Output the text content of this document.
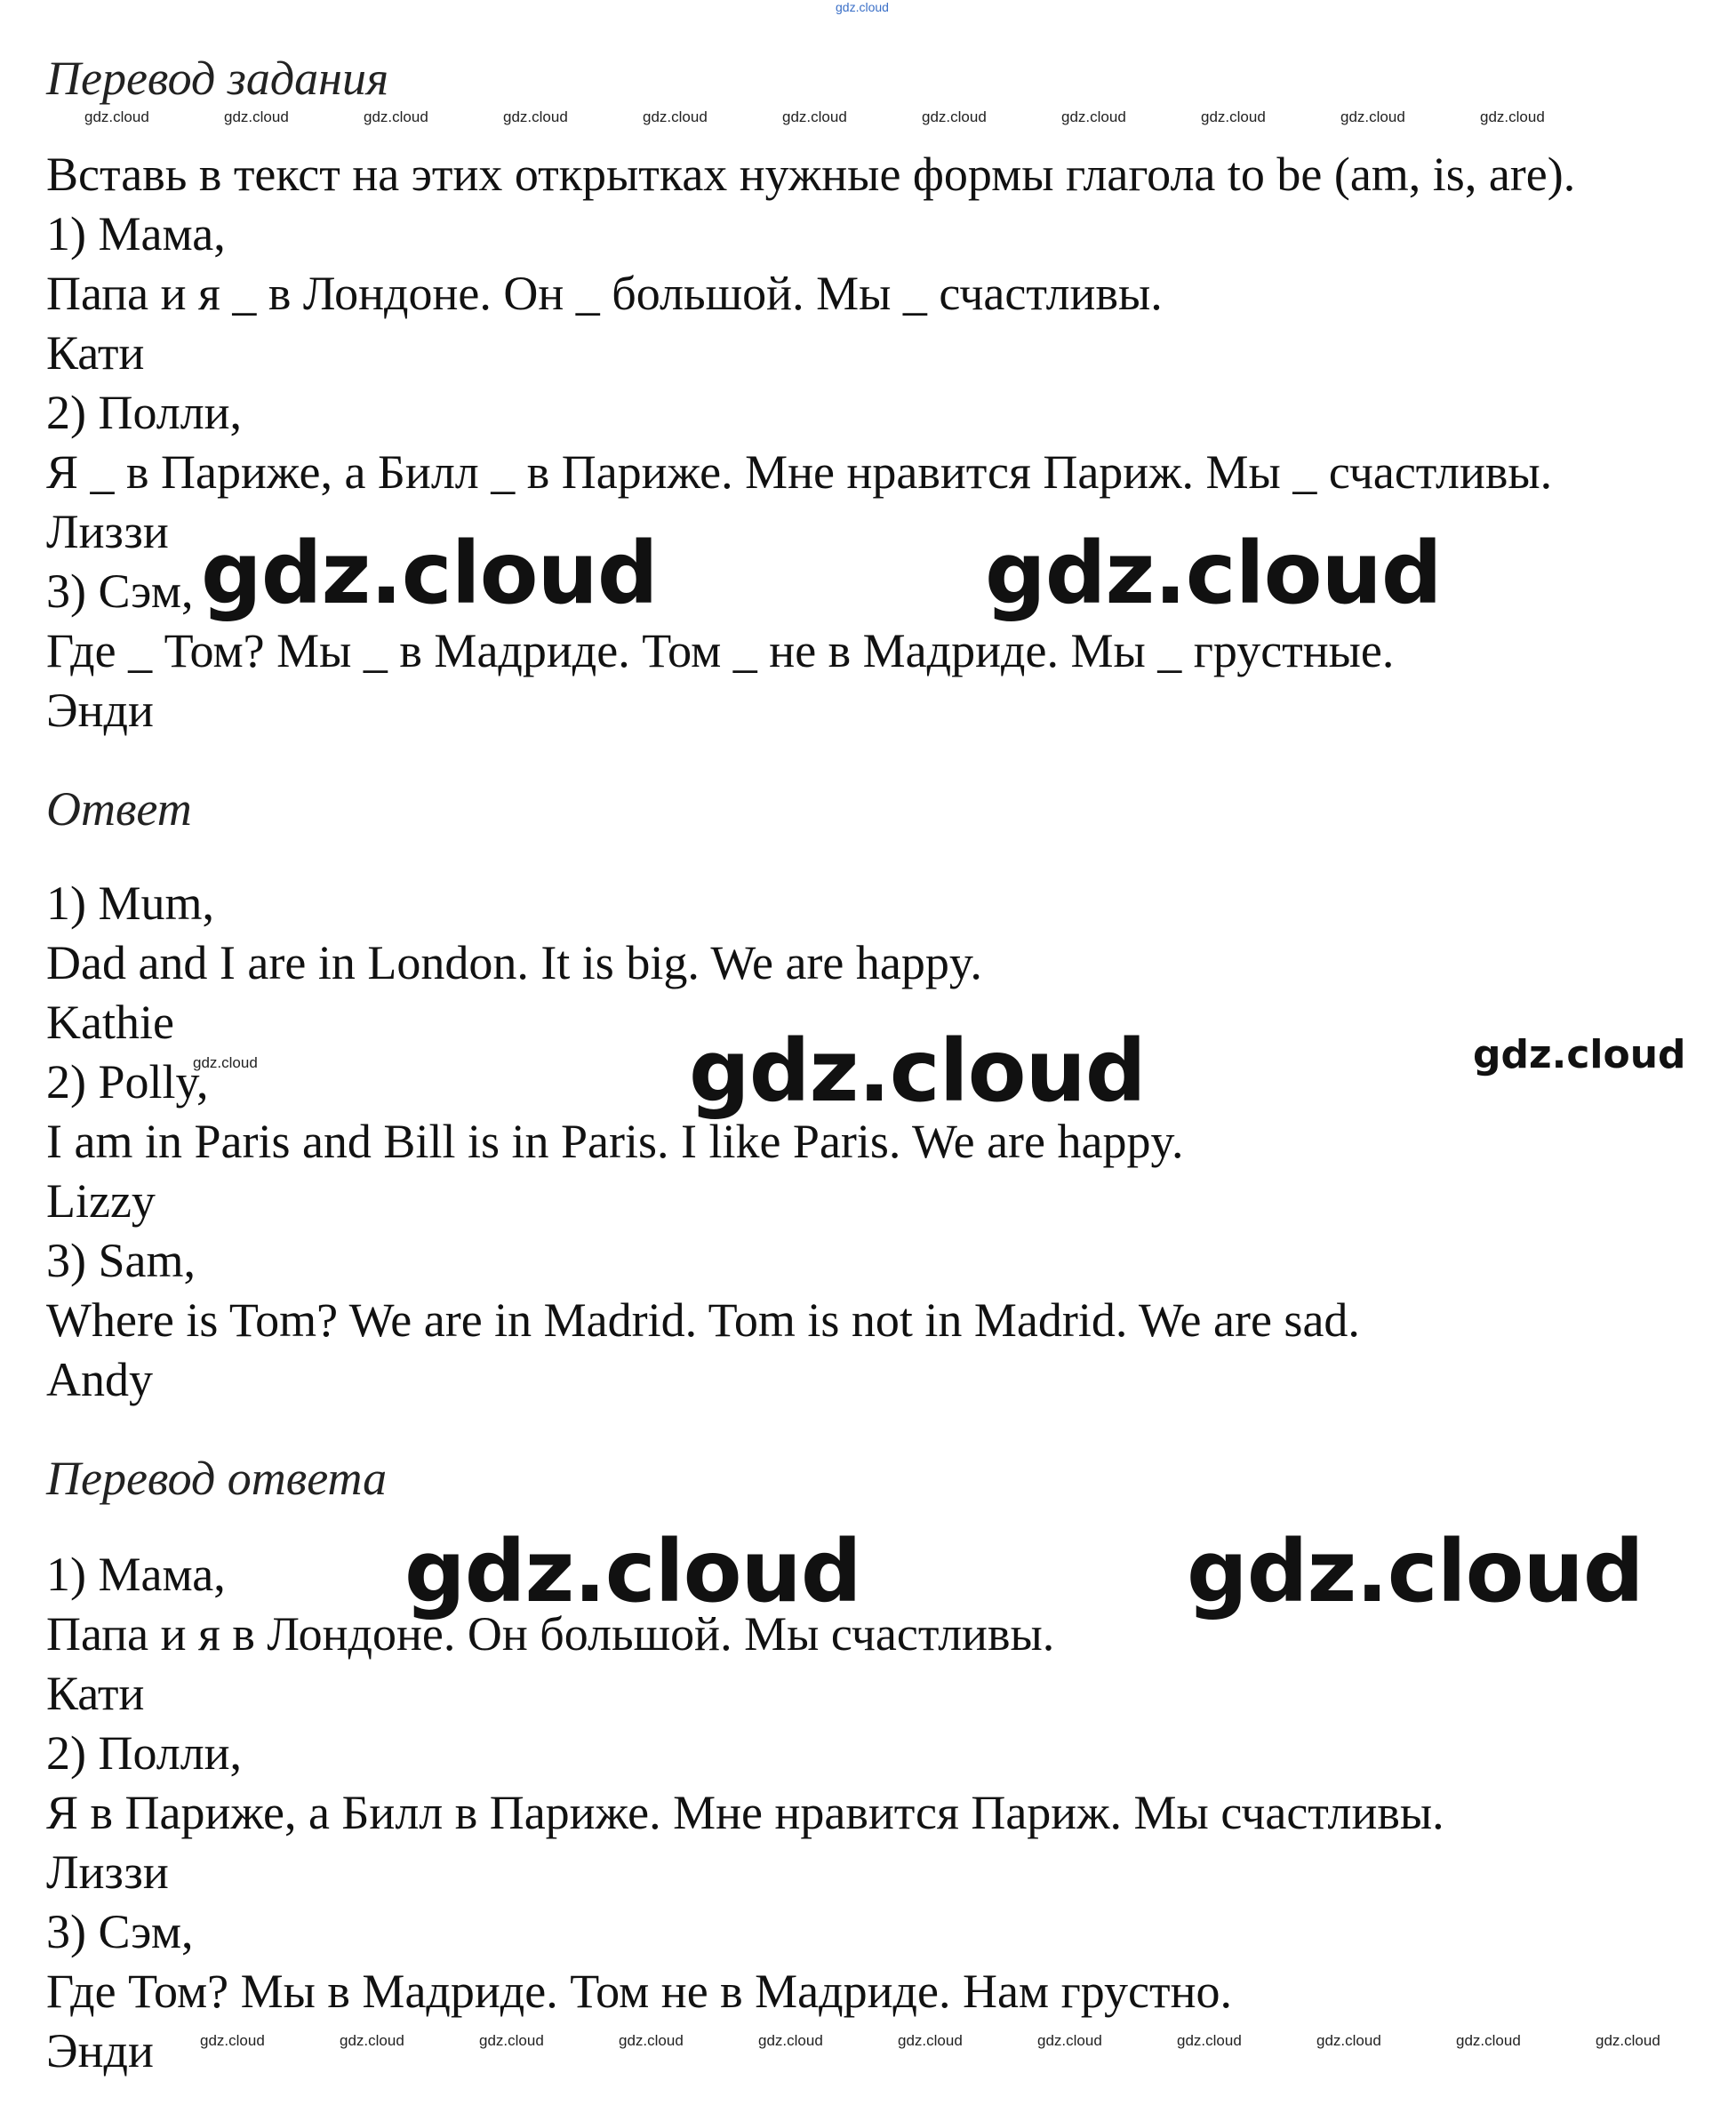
gdz.cloud
Перевод задания
Вставь в текст на этих открытках нужные формы глагола to be (am, is, are).
1) Мама,
Папа и я _ в Лондоне. Он _ большой. Мы _ счастливы.
Кати
2) Полли,
Я _ в Париже, а Билл _ в Париже. Мне нравится Париж. Мы _ счастливы.
Лиззи
3) Сэм,
Где _ Том? Мы _ в Мадриде. Том _ не в Мадриде. Мы _ грустные.
Энди
Ответ
1) Mum,
Dad and I are in London. It is big. We are happy.
Kathie
2) Polly,
I am in Paris and Bill is in Paris. I like Paris. We are happy.
Lizzy
3) Sam,
Where is Tom? We are in Madrid. Tom is not in Madrid. We are sad.
Andy
Перевод ответа
1) Мама,
Папа и я в Лондоне. Он большой. Мы счастливы.
Кати
2) Полли,
Я в Париже, а Билл в Париже. Мне нравится Париж. Мы счастливы.
Лиззи
3) Сэм,
Где Том? Мы в Мадриде. Том не в Мадриде. Нам грустно.
Энди
gdz.cloud	gdz.cloud	gdz.cloud	gdz.cloud	gdz.cloud	gdz.cloud	gdz.cloud	gdz.cloud	gdz.cloud	gdz.cloud	gdz.cloud
gdz.cloud	gdz.cloud
gdz.cloud
gdz.cloud	gdz.cloud
gdz.cloud
gdz.cloud
gdz.cloud	gdz.cloud	gdz.cloud	gdz.cloud	gdz.cloud	gdz.cloud	gdz.cloud	gdz.cloud	gdz.cloud	gdz.cloud	gdz.cloud
